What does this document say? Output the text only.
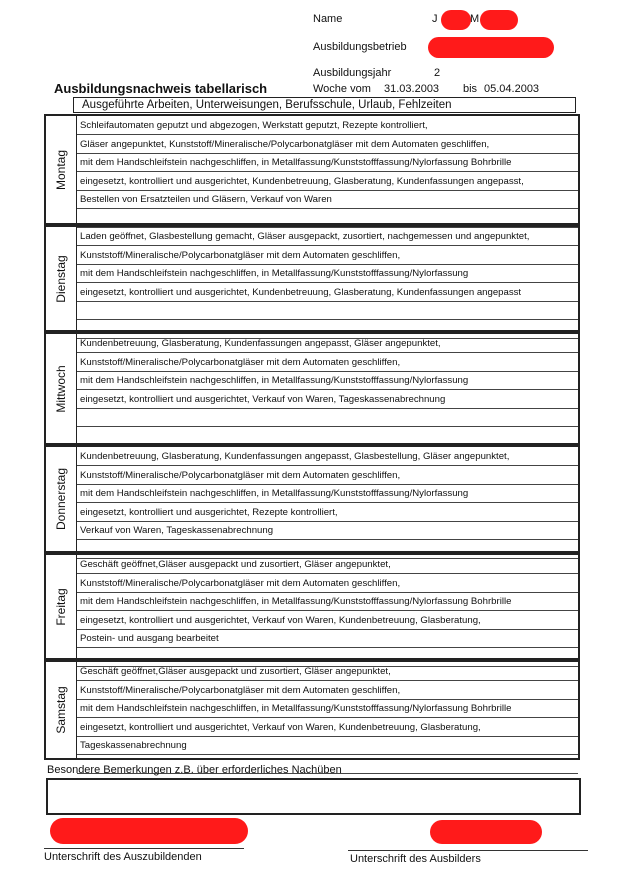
Name	J	M
Ausbildungsbetrieb
Ausbildungsjahr	2
Ausbildungsnachweis tabellarisch	Woche vom 31.03.2003 bis 05.04.2003
Ausgeführte Arbeiten, Unterweisungen, Berufsschule, Urlaub, Fehlzeiten
Montag
Schleifautomaten geputzt und abgezogen, Werkstatt geputzt, Rezepte kontrolliert,
Gläser angepunktet, Kunststoff/Mineralische/Polycarbonatgläser mit dem Automaten geschliffen,
mit dem Handschleifstein nachgeschliffen, in Metallfassung/Kunststofffassung/Nylorfassung Bohrbrille
eingesetzt, kontrolliert und ausgerichtet, Kundenbetreuung, Glasberatung, Kundenfassungen angepasst,
Bestellen von Ersatzteilen und Gläsern, Verkauf von Waren
Dienstag
Laden geöffnet, Glasbestellung gemacht, Gläser ausgepackt, zusortiert, nachgemessen und angepunktet,
Kunststoff/Mineralische/Polycarbonatgläser mit dem Automaten geschliffen,
mit dem Handschleifstein nachgeschliffen, in Metallfassung/Kunststofffassung/Nylorfassung
eingesetzt, kontrolliert und ausgerichtet, Kundenbetreuung, Glasberatung, Kundenfassungen angepasst
Mittwoch
Kundenbetreuung, Glasberatung, Kundenfassungen angepasst, Gläser angepunktet,
Kunststoff/Mineralische/Polycarbonatgläser mit dem Automaten geschliffen,
mit dem Handschleifstein nachgeschliffen, in Metallfassung/Kunststofffassung/Nylorfassung
eingesetzt, kontrolliert und ausgerichtet, Verkauf von Waren, Tageskassenabrechnung
Donnerstag
Kundenbetreuung, Glasberatung, Kundenfassungen angepasst, Glasbestellung, Gläser angepunktet,
Kunststoff/Mineralische/Polycarbonatgläser mit dem Automaten geschliffen,
mit dem Handschleifstein nachgeschliffen, in Metallfassung/Kunststofffassung/Nylorfassung
eingesetzt, kontrolliert und ausgerichtet, Rezepte kontrolliert,
Verkauf von Waren, Tageskassenabrechnung
Freitag
Geschäft geöffnet,Gläser ausgepackt und zusortiert, Gläser angepunktet,
Kunststoff/Mineralische/Polycarbonatgläser mit dem Automaten geschliffen,
mit dem Handschleifstein nachgeschliffen, in Metallfassung/Kunststofffassung/Nylorfassung Bohrbrille
eingesetzt, kontrolliert und ausgerichtet, Verkauf von Waren, Kundenbetreuung, Glasberatung,
Postein- und ausgang bearbeitet
Samstag
Geschäft geöffnet,Gläser ausgepackt und zusortiert, Gläser angepunktet,
Kunststoff/Mineralische/Polycarbonatgläser mit dem Automaten geschliffen,
mit dem Handschleifstein nachgeschliffen, in Metallfassung/Kunststofffassung/Nylorfassung Bohrbrille
eingesetzt, kontrolliert und ausgerichtet, Verkauf von Waren, Kundenbetreuung, Glasberatung,
Tageskassenabrechnung
Besondere Bemerkungen z.B. über erforderliches Nachüben
Unterschrift des Auszubildenden	Unterschrift des Ausbilders
